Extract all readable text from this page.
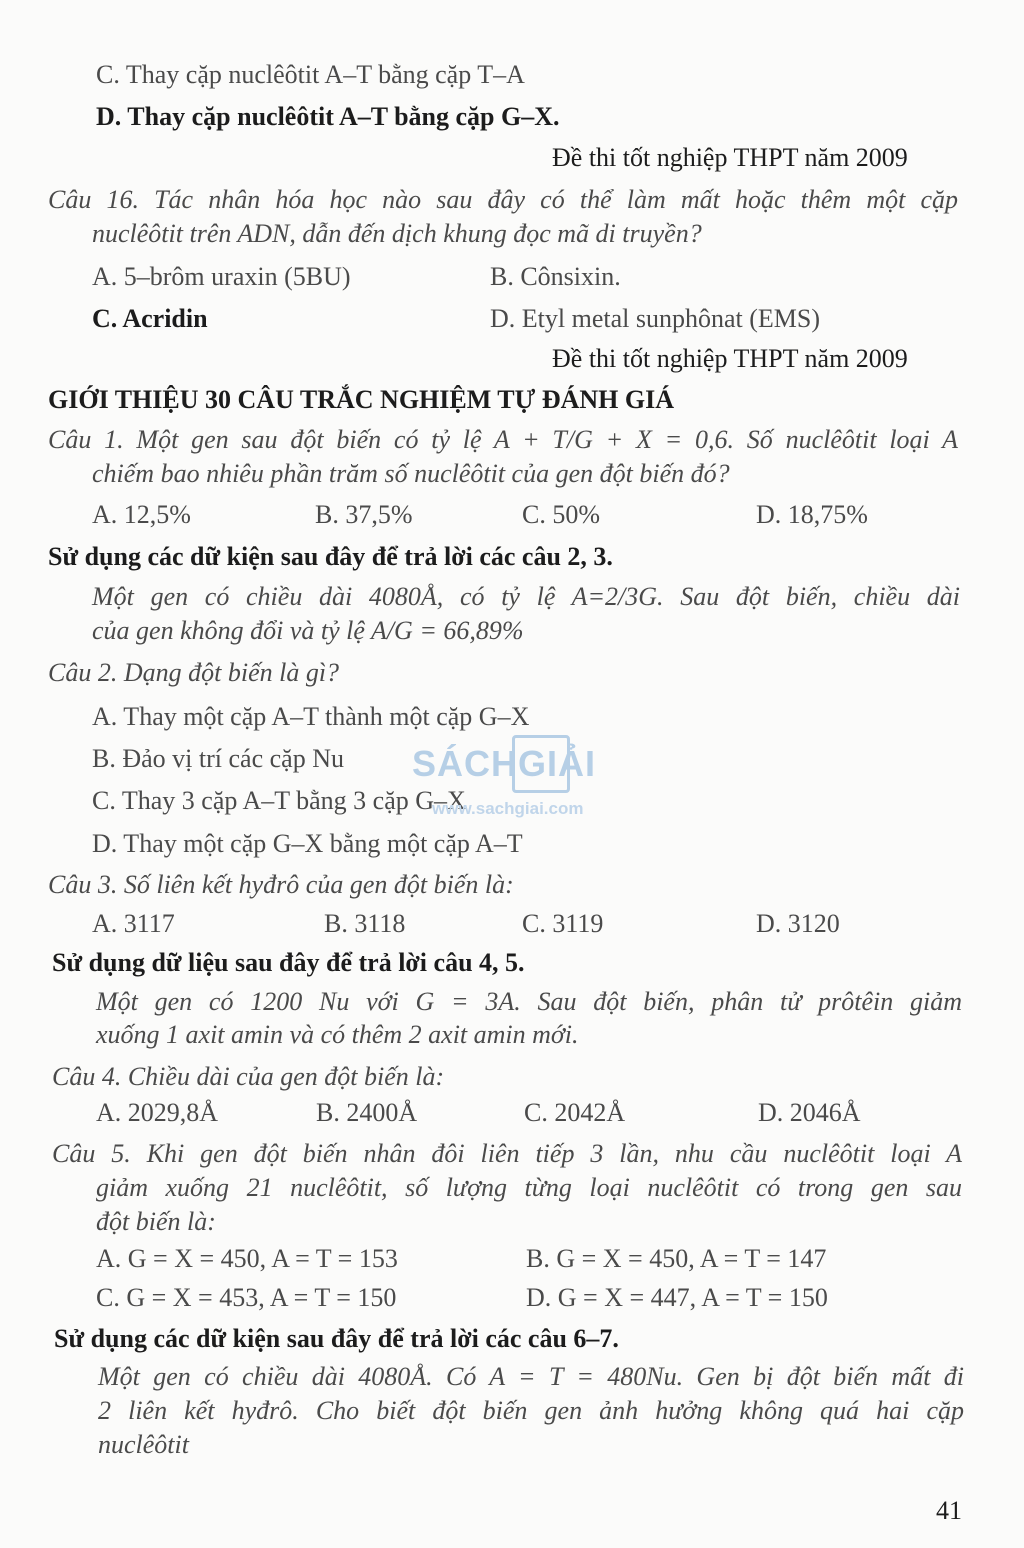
C. Thay cặp nuclêôtit A–T bằng cặp T–A
D. Thay cặp nuclêôtit A–T bằng cặp G–X.
Đề thi tốt nghiệp THPT năm 2009
Câu 16. Tác nhân hóa học nào sau đây có thể làm mất hoặc thêm một cặp
nuclêôtit trên ADN, dẫn đến dịch khung đọc mã di truyền?
A. 5–brôm uraxin (5BU)	B. Cônsixin.
C. Acridin	D. Etyl metal sunphônat (EMS)
Đề thi tốt nghiệp THPT năm 2009
GIỚI THIỆU 30 CÂU TRẮC NGHIỆM TỰ ĐÁNH GIÁ
Câu 1. Một gen sau đột biến có tỷ lệ A + T/G + X = 0,6. Số nuclêôtit loại A
chiếm bao nhiêu phần trăm số nuclêôtit của gen đột biến đó?
A. 12,5%	B. 37,5%	C. 50%	D. 18,75%
Sử dụng các dữ kiện sau đây để trả lời các câu 2, 3.
Một gen có chiều dài 4080Å, có tỷ lệ A=2/3G. Sau đột biến, chiều dài
của gen không đổi và tỷ lệ A/G = 66,89%
Câu 2. Dạng đột biến là gì?
A. Thay một cặp A–T thành một cặp G–X
B. Đảo vị trí các cặp Nu
C. Thay 3 cặp A–T bằng 3 cặp G–X
D. Thay một cặp G–X bằng một cặp A–T
Câu 3. Số liên kết hyđrô của gen đột biến là:
A. 3117	B. 3118	C. 3119	D. 3120
Sử dụng dữ liệu sau đây để trả lời câu 4, 5.
Một gen có 1200 Nu với G = 3A. Sau đột biến, phân tử prôtêin giảm
xuống 1 axit amin và có thêm 2 axit amin mới.
Câu 4. Chiều dài của gen đột biến là:
A. 2029,8Å	B. 2400Å	C. 2042Å	D. 2046Å
Câu 5. Khi gen đột biến nhân đôi liên tiếp 3 lần, nhu cầu nuclêôtit loại A
giảm xuống 21 nuclêôtit, số lượng từng loại nuclêôtit có trong gen sau
đột biến là:
A. G = X = 450, A = T = 153	B. G = X = 450, A = T = 147
C. G = X = 453, A = T = 150	D. G = X = 447, A = T = 150
Sử dụng các dữ kiện sau đây để trả lời các câu 6–7.
Một gen có chiều dài 4080Å. Có A = T = 480Nu. Gen bị đột biến mất đi
2 liên kết hyđrô. Cho biết đột biến gen ảnh hưởng không quá hai cặp
nuclêôtit
41
SÁCHGIẢI
www.sachgiai.com
